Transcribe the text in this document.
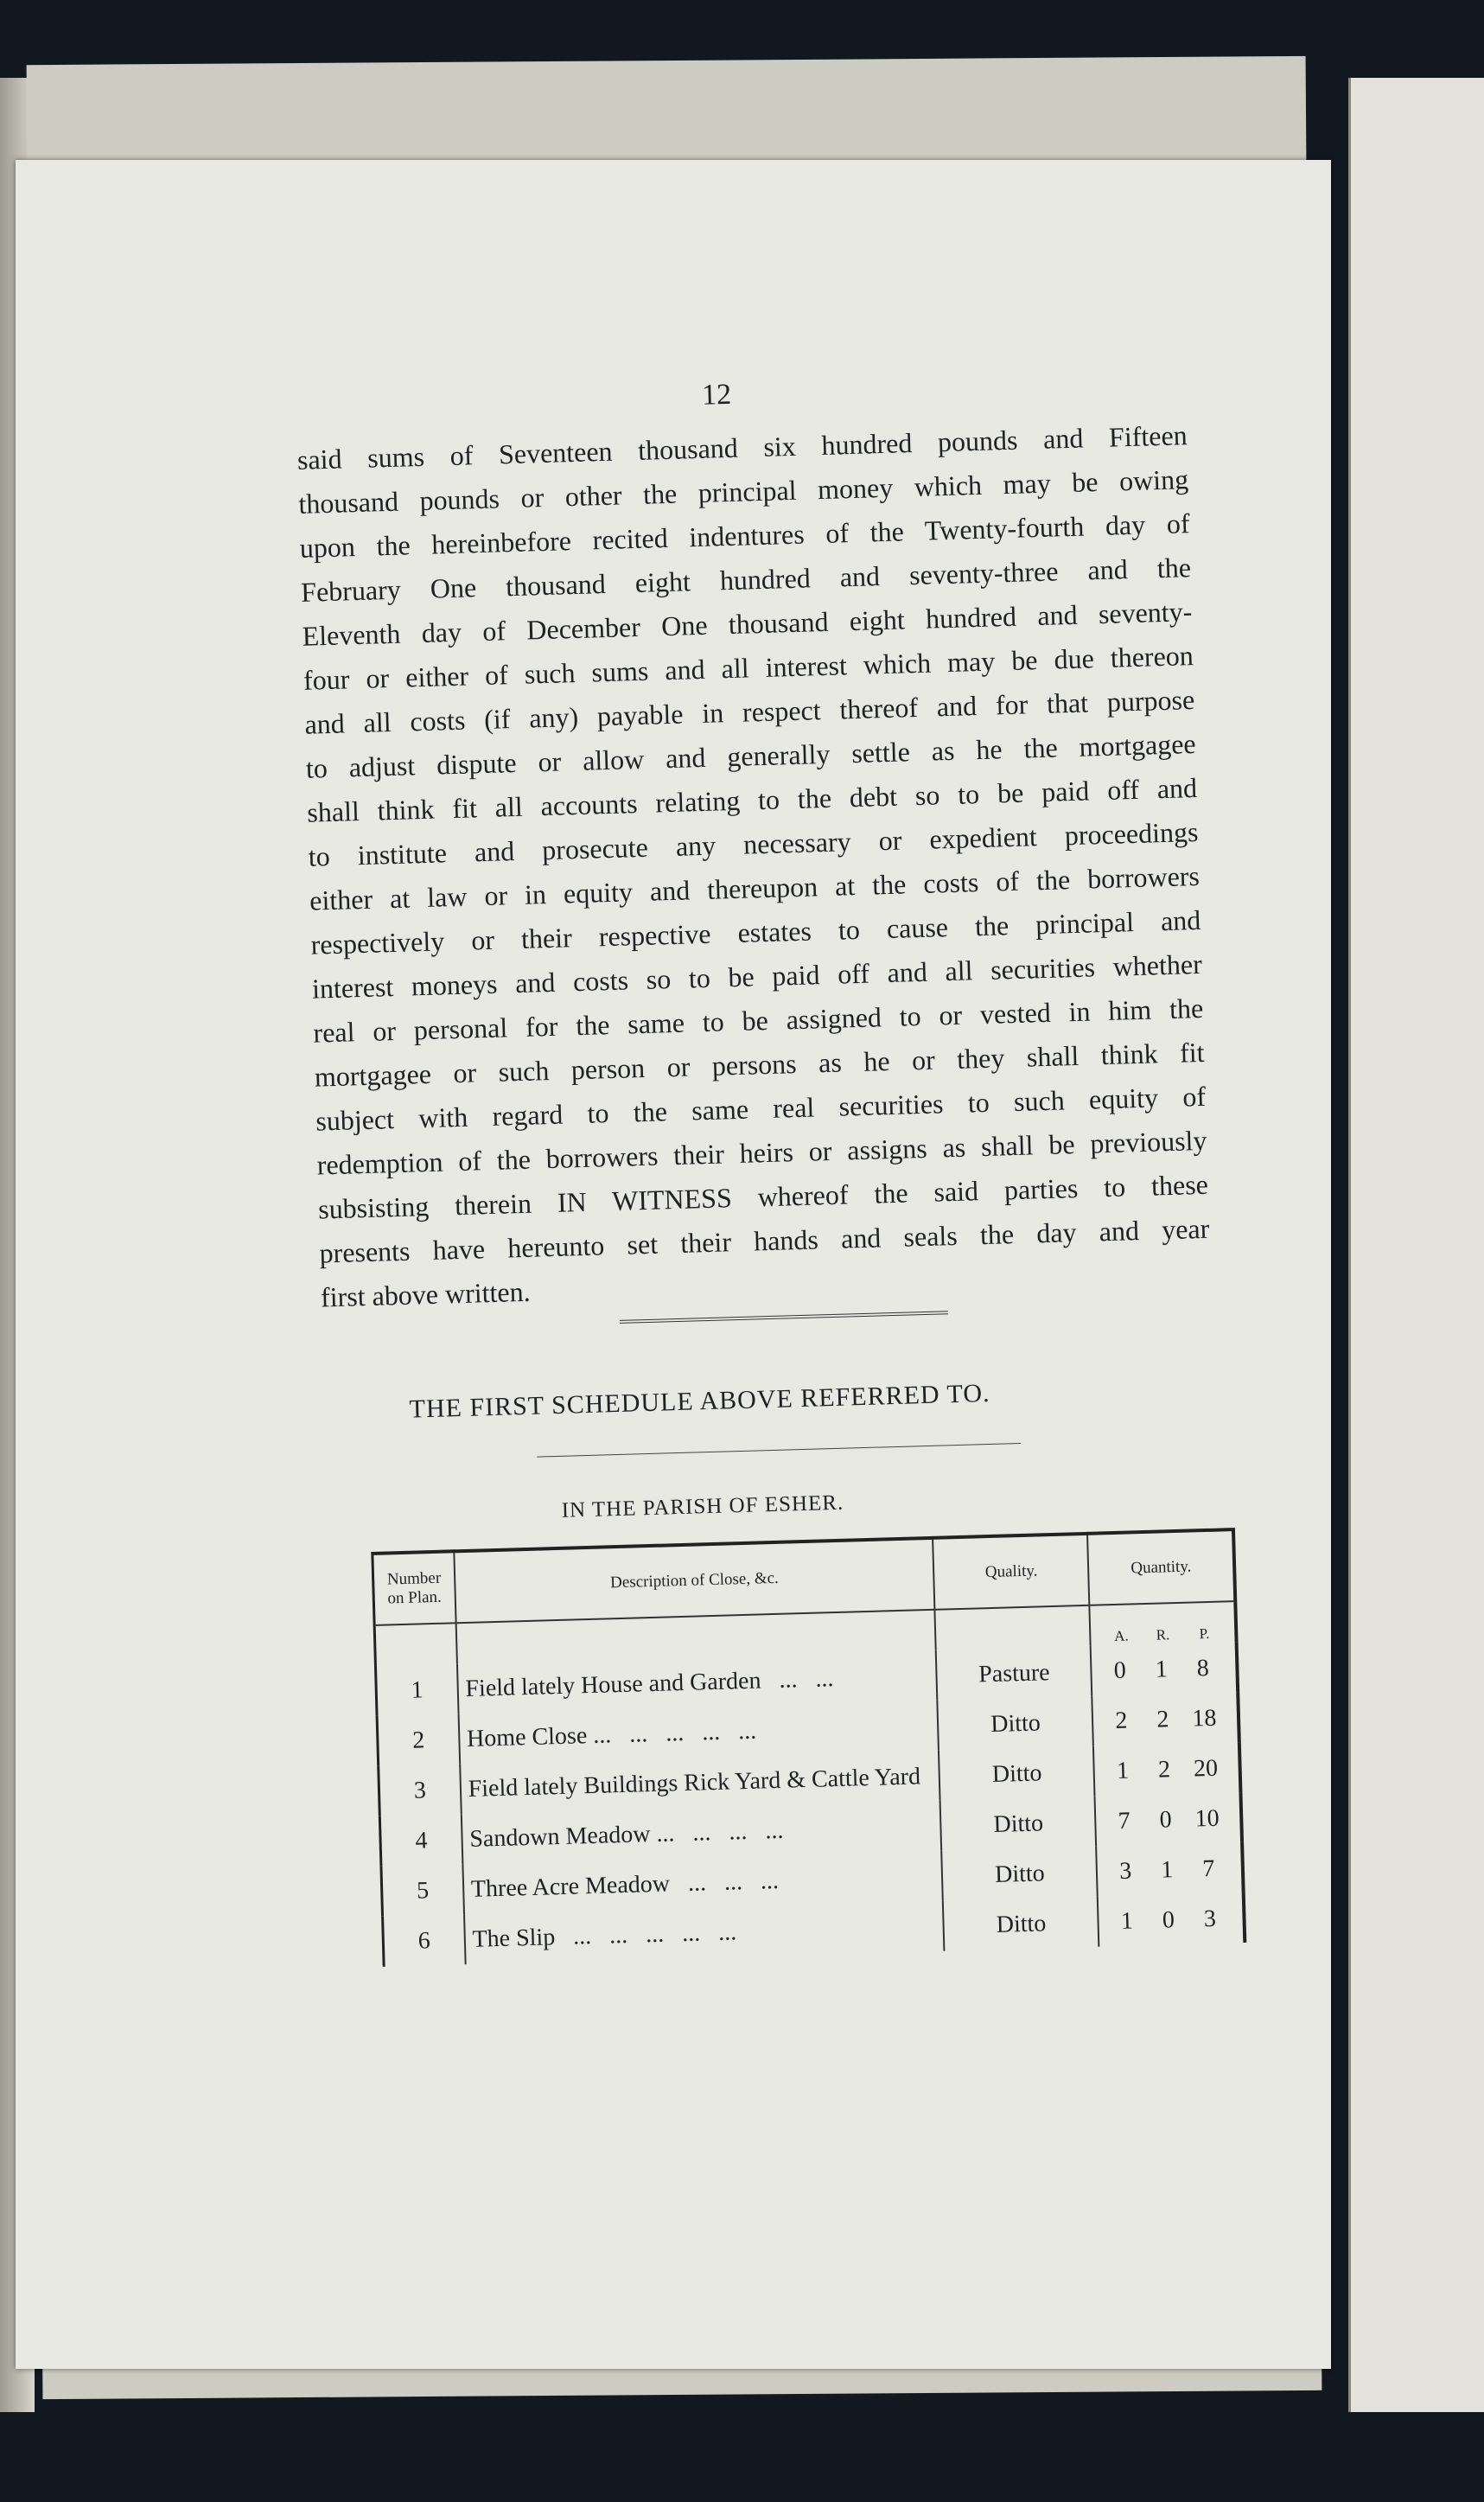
12
said sums of Seventeen thousand six hundred pounds and Fifteen
thousand pounds or other the principal money which may be owing
upon the hereinbefore recited indentures of the Twenty-fourth day of
February One thousand eight hundred and seventy-three and the
Eleventh day of December One thousand eight hundred and seventy-
four or either of such sums and all interest which may be due thereon
and all costs (if any) payable in respect thereof and for that purpose
to adjust dispute or allow and generally settle as he the mortgagee
shall think fit all accounts relating to the debt so to be paid off and
to institute and prosecute any necessary or expedient proceedings
either at law or in equity and thereupon at the costs of the borrowers
respectively or their respective estates to cause the principal and
interest moneys and costs so to be paid off and all securities whether
real or personal for the same to be assigned to or vested in him the
mortgagee or such person or persons as he or they shall think fit
subject with regard to the same real securities to such equity of
redemption of the borrowers their heirs or assigns as shall be previously
subsisting therein IN WITNESS whereof the said parties to these
presents have hereunto set their hands and seals the day and year
first above written.
THE FIRST SCHEDULE ABOVE REFERRED TO.
IN THE PARISH OF ESHER.
Number on Plan.	Description of Close, &c.	Quality.	Quantity.
			A. R. P.
1	Field lately House and Garden   ...   ...	Pasture	0 1 8
2	Home Close ...   ...   ...   ...   ...	Ditto	2 2 18
3	Field lately Buildings Rick Yard & Cattle Yard	Ditto	1 2 20
4	Sandown Meadow ...   ...   ...   ...	Ditto	7 0 10
5	Three Acre Meadow   ...   ...   ...	Ditto	3 1 7
6	The Slip   ...   ...   ...   ...   ...	Ditto	1 0 3
